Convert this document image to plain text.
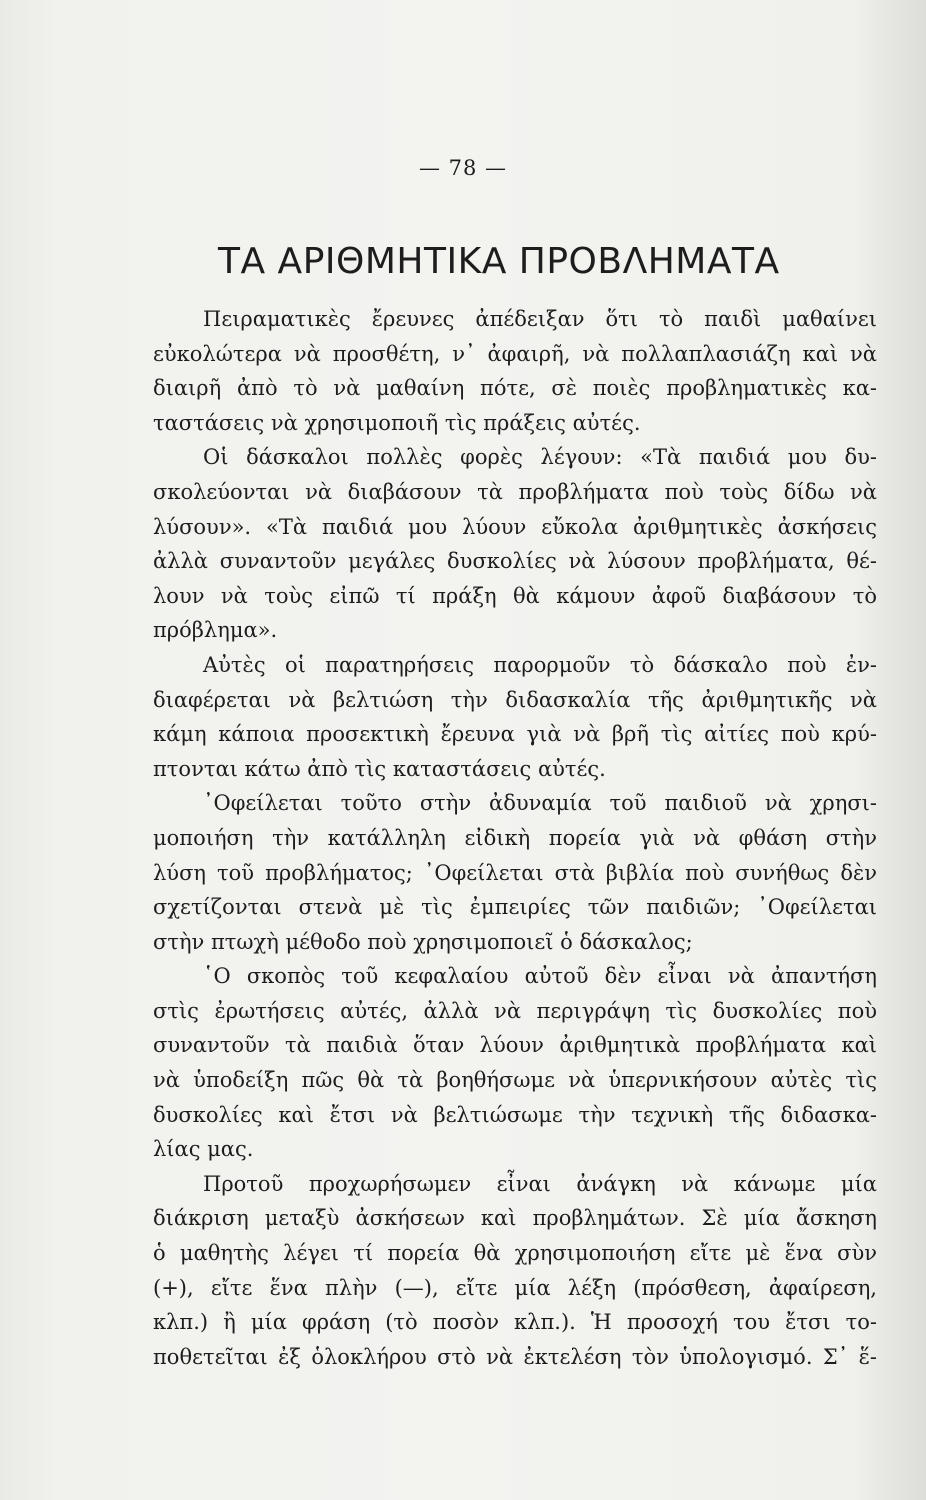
— 78 —
ΤΑ ΑΡΙΘΜΗΤΙΚΑ ΠΡΟΒΛΗΜΑΤΑ
Πειραματικὲς ἔρευνες ἀπέδειξαν ὅτι τὸ παιδὶ μαθαίνει
εὐκολώτερα νὰ προσθέτη, ν᾽ ἀφαιρῆ, νὰ πολλαπλασιάζη καὶ νὰ
διαιρῆ ἀπὸ τὸ νὰ μαθαίνη πότε, σὲ ποιὲς προβληματικὲς κα-
ταστάσεις νὰ χρησιμοποιῆ τὶς πράξεις αὐτές.
Οἱ δάσκαλοι πολλὲς φορὲς λέγουν: «Τὰ παιδιά μου δυ-
σκολεύονται νὰ διαβάσουν τὰ προβλήματα ποὺ τοὺς δίδω νὰ
λύσουν». «Τὰ παιδιά μου λύουν εὔκολα ἀριθμητικὲς ἀσκήσεις
ἀλλὰ συναντοῦν μεγάλες δυσκολίες νὰ λύσουν προβλήματα, θέ-
λουν νὰ τοὺς εἰπῶ τί πράξη θὰ κάμουν ἀφοῦ διαβάσουν τὸ
πρόβλημα».
Αὐτὲς οἱ παρατηρήσεις παρορμοῦν τὸ δάσκαλο ποὺ ἐν-
διαφέρεται νὰ βελτιώση τὴν διδασκαλία τῆς ἀριθμητικῆς νὰ
κάμη κάποια προσεκτικὴ ἔρευνα γιὰ νὰ βρῆ τὶς αἰτίες ποὺ κρύ-
πτονται κάτω ἀπὸ τὶς καταστάσεις αὐτές.
᾿Οφείλεται τοῦτο στὴν ἀδυναμία τοῦ παιδιοῦ νὰ χρησι-
μοποιήση τὴν κατάλληλη εἰδικὴ πορεία γιὰ νὰ φθάση στὴν
λύση τοῦ προβλήματος; ᾿Οφείλεται στὰ βιβλία ποὺ συνήθως δὲν
σχετίζονται στενὰ μὲ τὶς ἐμπειρίες τῶν παιδιῶν; ᾿Οφείλεται
στὴν πτωχὴ μέθοδο ποὺ χρησιμοποιεῖ ὁ δάσκαλος;
῾Ο σκοπὸς τοῦ κεφαλαίου αὐτοῦ δὲν εἶναι νὰ ἀπαντήση
στὶς ἐρωτήσεις αὐτές, ἀλλὰ νὰ περιγράψη τὶς δυσκολίες ποὺ
συναντοῦν τὰ παιδιὰ ὅταν λύουν ἀριθμητικὰ προβλήματα καὶ
νὰ ὑποδείξη πῶς θὰ τὰ βοηθήσωμε νὰ ὑπερνικήσουν αὐτὲς τὶς
δυσκολίες καὶ ἔτσι νὰ βελτιώσωμε τὴν τεχνικὴ τῆς διδασκα-
λίας μας.
Προτοῦ προχωρήσωμεν εἶναι ἀνάγκη νὰ κάνωμε μία
διάκριση μεταξὺ ἀσκήσεων καὶ προβλημάτων. Σὲ μία ἄσκηση
ὁ μαθητὴς λέγει τί πορεία θὰ χρησιμοποιήση εἴτε μὲ ἕνα σὺν
(+), εἴτε ἕνα πλὴν (—), εἴτε μία λέξη (πρόσθεση, ἀφαίρεση,
κλπ.) ἢ μία φράση (τὸ ποσὸν κλπ.). Ἡ προσοχή του ἔτσι το-
ποθετεῖται ἐξ ὁλοκλήρου στὸ νὰ ἐκτελέση τὸν ὑπολογισμό. Σ᾽ ἕ-
